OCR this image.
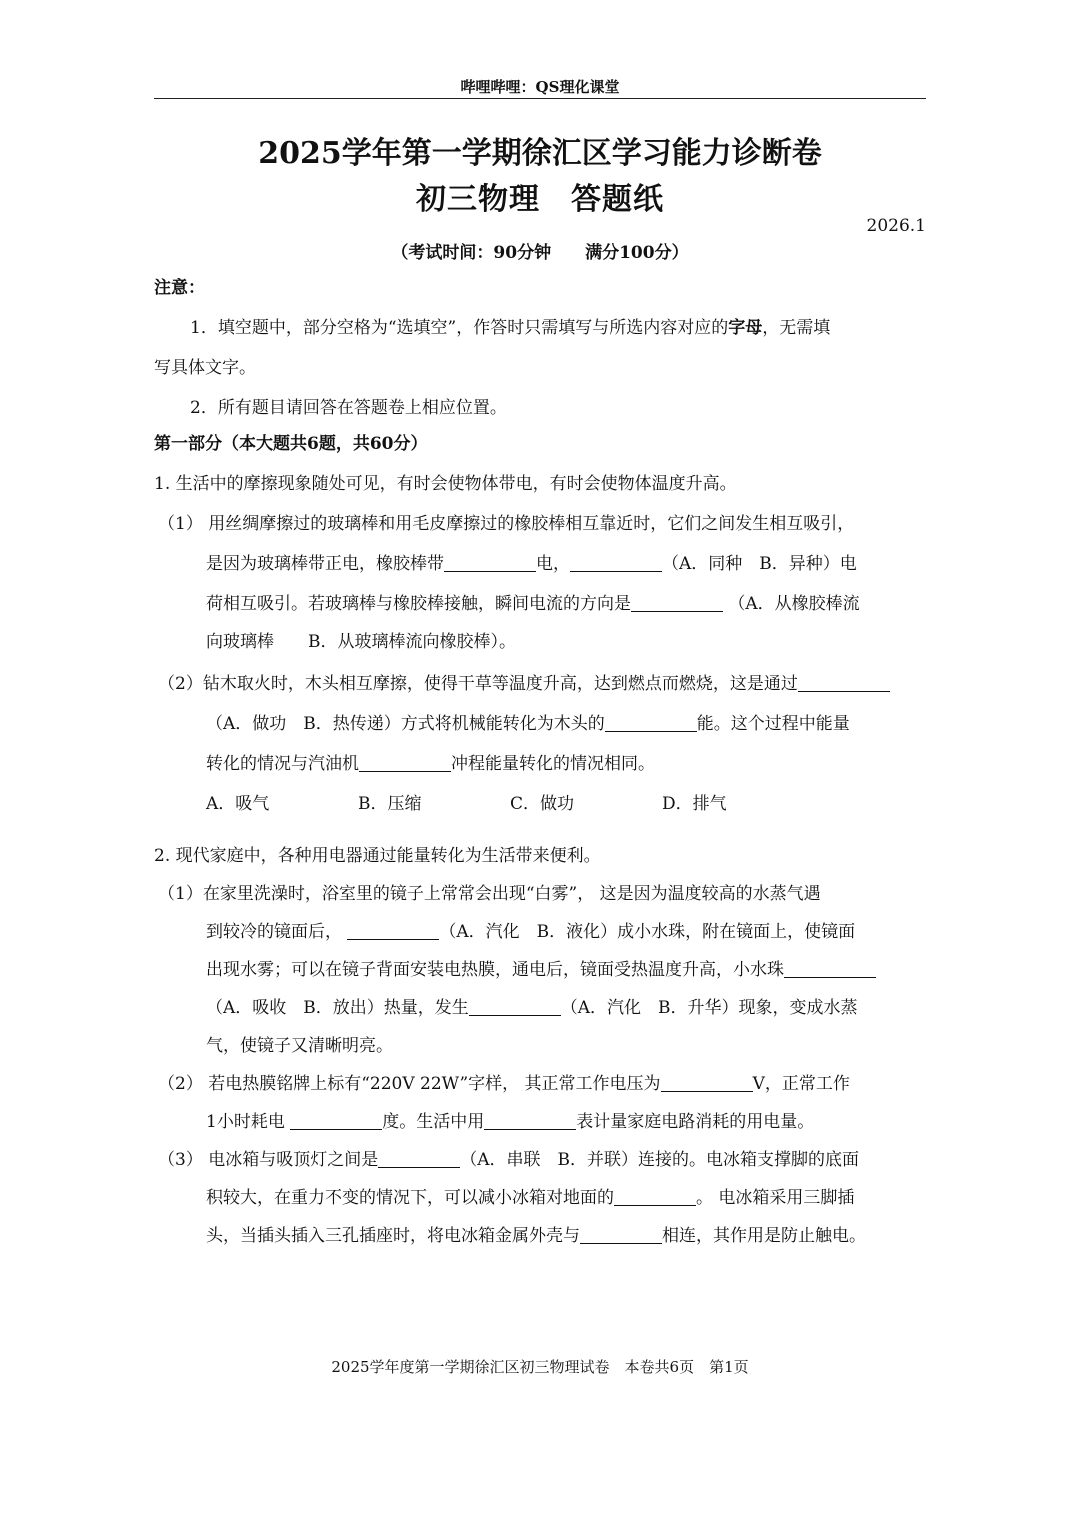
哔哩哔哩：QS理化课堂
2025学年第一学期徐汇区学习能力诊断卷
初三物理　答题纸
2026.1
（考试时间：90分钟　　满分100分）
注意：
1．填空题中，部分空格为“选填空”，作答时只需填写与所选内容对应的字母，无需填
写具体文字。
2．所有题目请回答在答题卷上相应位置。
第一部分（本大题共6题，共60分）
1. 生活中的摩擦现象随处可见，有时会使物体带电，有时会使物体温度升高。
（1） 用丝绸摩擦过的玻璃棒和用毛皮摩擦过的橡胶棒相互靠近时，它们之间发生相互吸引，
是因为玻璃棒带正电，橡胶棒带	电，	（A．同种　B．异种）电
荷相互吸引。若玻璃棒与橡胶棒接触，瞬间电流的方向是	（A．从橡胶棒流
向玻璃棒　　B．从玻璃棒流向橡胶棒）。
（2）钻木取火时，木头相互摩擦，使得干草等温度升高，达到燃点而燃烧，这是通过
（A．做功　B．热传递）方式将机械能转化为木头的	能。这个过程中能量
转化的情况与汽油机	冲程能量转化的情况相同。
A．吸气	B．压缩	C．做功	D．排气
2. 现代家庭中，各种用电器通过能量转化为生活带来便利。
（1）在家里洗澡时，浴室里的镜子上常常会出现“白雾”， 这是因为温度较高的水蒸气遇
到较冷的镜面后，	（A．汽化　B．液化）成小水珠，附在镜面上，使镜面
出现水雾；可以在镜子背面安装电热膜，通电后，镜面受热温度升高，小水珠
（A．吸收　B．放出）热量，发生	（A．汽化　B．升华）现象，变成水蒸
气，使镜子又清晰明亮。
（2） 若电热膜铭牌上标有“220V 22W”字样， 其正常工作电压为	V，正常工作
1小时耗电	度。生活中用	表计量家庭电路消耗的用电量。
（3） 电冰箱与吸顶灯之间是	（A．串联　B．并联）连接的。电冰箱支撑脚的底面
积较大，在重力不变的情况下，可以减小冰箱对地面的	。 电冰箱采用三脚插
头，当插头插入三孔插座时，将电冰箱金属外壳与	相连，其作用是防止触电。
2025学年度第一学期徐汇区初三物理试卷　本卷共6页　第1页
